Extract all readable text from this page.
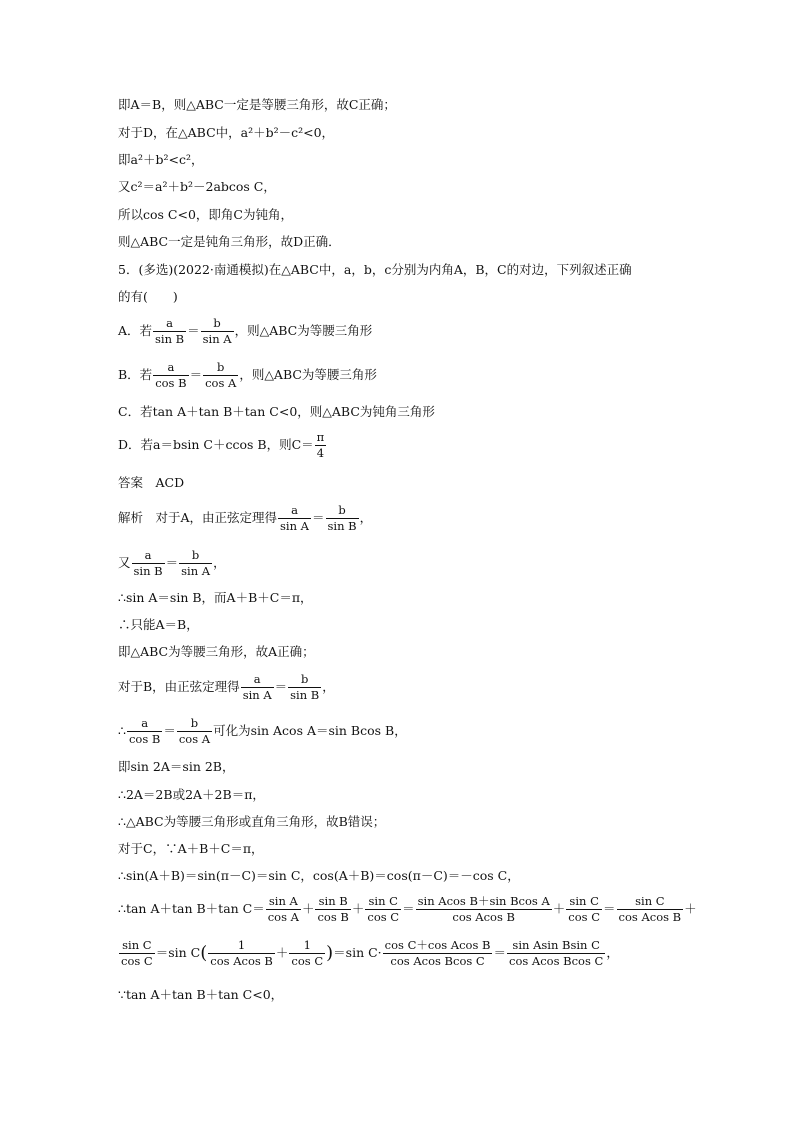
即A＝B，则△ABC一定是等腰三角形，故C正确；
对于D，在△ABC中，a²＋b²－c²<0，
即a²＋b²<c²，
又c²＝a²＋b²－2abcos C，
所以cos C<0，即角C为钝角，
则△ABC一定是钝角三角形，故D正确．
5．(多选)(2022·南通模拟)在△ABC中，a，b，c分别为内角A，B，C的对边，下列叙述正确
的有(　　)
A．若 $\frac{a}{\text{sin B}} = \frac{b}{\text{sin A}}$ ，则△ABC为等腰三角形
B．若 $\frac{a}{\text{cos B}} = \frac{b}{\text{cos A}}$ ，则△ABC为等腰三角形
C．若tan A＋tan B＋tan C<0，则△ABC为钝角三角形
D．若a＝bsin C＋ccos B，则$C= \frac{\pi}{4}$
答案　ACD
解析　对于A，由正弦定理得 $\frac{a}{\text{sin A}} = \frac{b}{\text{sin B}}$ ，
又 $\frac{a}{\text{sin B}} = \frac{b}{\text{sin A}}$ ，
∴sin A＝sin B，而A＋B＋C＝π，
∴只能A＝B，
即△ABC为等腰三角形，故A正确；
对于B，由正弦定理得 $\frac{a}{\text{sin A}} = \frac{b}{\text{sin B}}$ ，
∴ $\frac{a}{\text{cos B}} = \frac{b}{\text{cos A}}$ 可化为sin Acos A＝sin Bcos B，
即sin 2A＝sin 2B，
∴2A＝2B或2A＋2B＝π，
∴△ABC为等腰三角形或直角三角形，故B错误；
对于C，∵A＋B＋C＝π，
∴sin(A＋B)＝sin(π－C)＝sin C，cos(A＋B)＝cos(π－C)＝－cos C，
∴tan A＋tan B＋tan $C= \frac{\text{sin A}}{\text{cos A}} + \frac{\text{sin B}}{\text{cos B}} + \frac{\text{sin C}}{\text{cos C}} = \frac{\text{sin Acos B＋sin Bcos A}}{\text{cos Acos B}} + \frac{\text{sin C}}{\text{cos C}} = \frac{\text{sin C}}{\text{cos Acos B}}$ ＋
$\frac{\text{sin C}}{\text{cos C}} =\sin$ $C( \frac{1}{\text{cos Acos B}} + \frac{1}{\text{cos C}} )=\sin$ $C\cdot \frac{\text{cos C＋cos Acos B}}{\text{cos Acos Bcos C}} = \frac{\text{sin Asin Bsin C}}{\text{cos Acos Bcos C}}$ ，
∵tan A＋tan B＋tan C<0，
